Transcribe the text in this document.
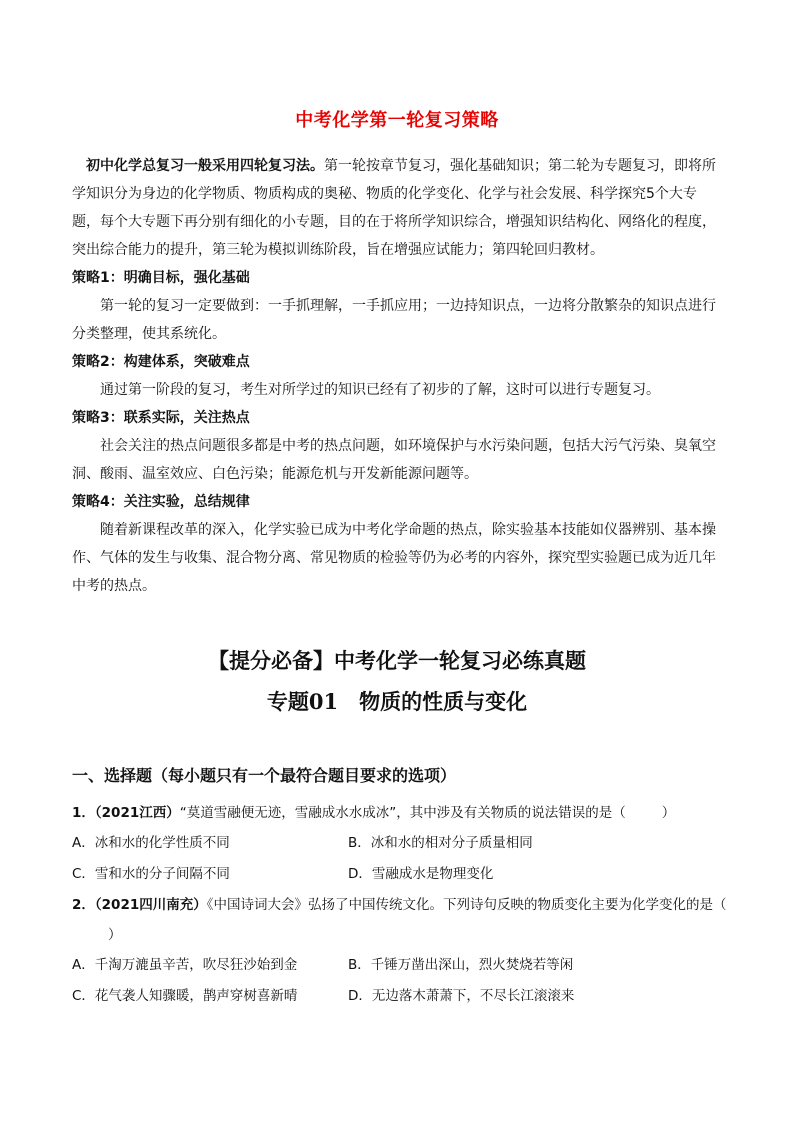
中考化学第一轮复习策略

初中化学总复习一般采用四轮复习法。第一轮按章节复习，强化基础知识；第二轮为专题复习，即将所学知识分为身边的化学物质、物质构成的奥秘、物质的化学变化、化学与社会发展、科学探究5个大专题，每个大专题下再分别有细化的小专题，目的在于将所学知识综合，增强知识结构化、网络化的程度，突出综合能力的提升，第三轮为模拟训练阶段，旨在增强应试能力；第四轮回归教材。

策略1：明确目标，强化基础

第一轮的复习一定要做到：一手抓理解，一手抓应用；一边持知识点，一边将分散繁杂的知识点进行分类整理，使其系统化。

策略2：构建体系，突破难点

通过第一阶段的复习，考生对所学过的知识已经有了初步的了解，这时可以进行专题复习。

策略3：联系实际，关注热点

社会关注的热点问题很多都是中考的热点问题，如环境保护与水污染问题，包括大污气污染、臭氧空洞、酸雨、温室效应、白色污染；能源危机与开发新能源问题等。

策略4：关注实验，总结规律

随着新课程改革的深入，化学实验已成为中考化学命题的热点，除实验基本技能如仪器辨别、基本操作、气体的发生与收集、混合物分离、常见物质的检验等仍为必考的内容外，探究型实验题已成为近几年中考的热点。

【提分必备】中考化学一轮复习必练真题
专题01　物质的性质与变化
一、选择题（每小题只有一个最符合题目要求的选项）

1．（2021江西）“莫道雪融便无迹，雪融成水水成冰”，其中涉及有关物质的说法错误的是（	）

A．冰和水的化学性质不同	B．冰和水的相对分子质量相同
C．雪和水的分子间隔不同	D．雪融成水是物理变化

2．（2021四川南充）《中国诗词大会》弘扬了中国传统文化。下列诗句反映的物质变化主要为化学变化的是（）

A．千淘万漉虽辛苦，吹尽狂沙始到金	B．千锤万凿出深山，烈火焚烧若等闲
C．花气袭人知骤暖，鹊声穿树喜新晴	D．无边落木萧萧下，不尽长江滚滚来
